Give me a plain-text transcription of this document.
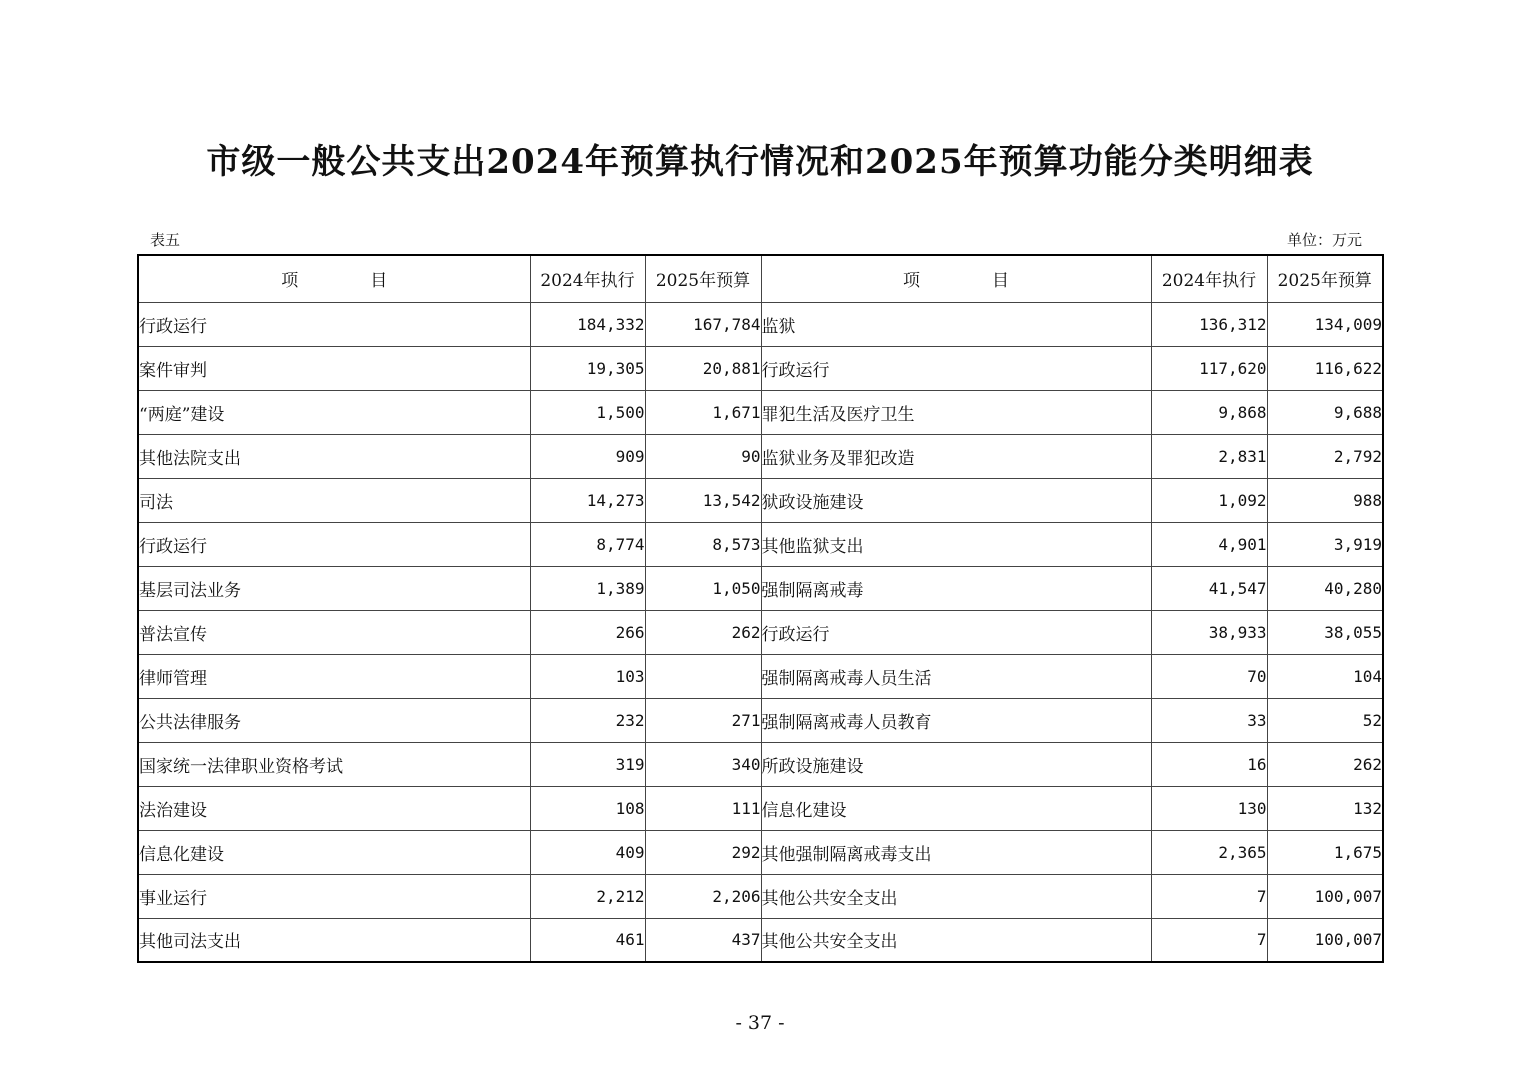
市级一般公共支出2024年预算执行情况和2025年预算功能分类明细表
表五	单位：万元
项 目	2024年执行	2025年预算	项 目	2024年执行	2025年预算
行政运行	184,332	167,784	监狱	136,312	134,009
案件审判	19,305	20,881	行政运行	117,620	116,622
“两庭”建设	1,500	1,671	罪犯生活及医疗卫生	9,868	9,688
其他法院支出	909	90	监狱业务及罪犯改造	2,831	2,792
司法	14,273	13,542	狱政设施建设	1,092	988
行政运行	8,774	8,573	其他监狱支出	4,901	3,919
基层司法业务	1,389	1,050	强制隔离戒毒	41,547	40,280
普法宣传	266	262	行政运行	38,933	38,055
律师管理	103		强制隔离戒毒人员生活	70	104
公共法律服务	232	271	强制隔离戒毒人员教育	33	52
国家统一法律职业资格考试	319	340	所政设施建设	16	262
法治建设	108	111	信息化建设	130	132
信息化建设	409	292	其他强制隔离戒毒支出	2,365	1,675
事业运行	2,212	2,206	其他公共安全支出	7	100,007
其他司法支出	461	437	其他公共安全支出	7	100,007
- 37 -
